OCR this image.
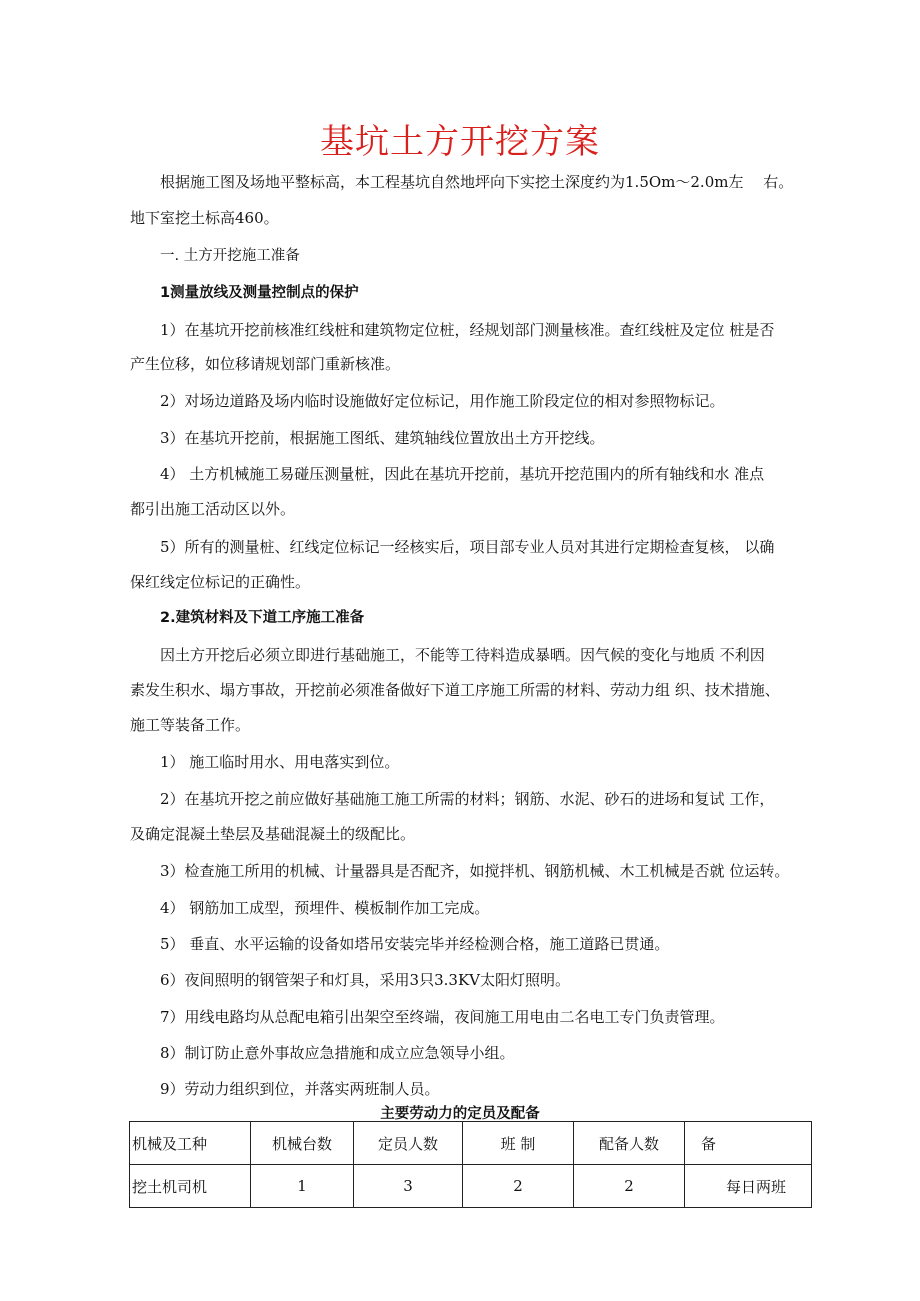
基坑土方开挖方案
根据施工图及场地平整标高，本工程基坑自然地坪向下实挖土深度约为1.5Om～2.0m左　 右。
地下室挖土标高460。
一. 土方开挖施工准备
1测量放线及测量控制点的保护
1）在基坑开挖前核准红线桩和建筑物定位桩，经规划部门测量核准。查红线桩及定位 桩是否
产生位移，如位移请规划部门重新核准。
2）对场边道路及场内临时设施做好定位标记，用作施工阶段定位的相对参照物标记。
3）在基坑开挖前，根据施工图纸、建筑轴线位置放出土方开挖线。
4） 土方机械施工易碰压测量桩，因此在基坑开挖前，基坑开挖范围内的所有轴线和水 准点
都引出施工活动区以外。
5）所有的测量桩、红线定位标记一经核实后，项目部专业人员对其进行定期检查复核， 以确
保红线定位标记的正确性。
2.建筑材料及下道工序施工准备
因土方开挖后必须立即进行基础施工，不能等工待料造成暴晒。因气候的变化与地质 不利因
素发生积水、塌方事故，开挖前必须准备做好下道工序施工所需的材料、劳动力组 织、技术措施、
施工等装备工作。
1） 施工临时用水、用电落实到位。
2）在基坑开挖之前应做好基础施工施工所需的材料；钢筋、水泥、砂石的进场和复试 工作，
及确定混凝土垫层及基础混凝土的级配比。
3）检查施工所用的机械、计量器具是否配齐，如搅拌机、钢筋机械、木工机械是否就 位运转。
4） 钢筋加工成型，预埋件、模板制作加工完成。
5） 垂直、水平运输的设备如塔吊安装完毕并经检测合格，施工道路已贯通。
6）夜间照明的钢管架子和灯具，采用3只3.3KV太阳灯照明。
7）用线电路均从总配电箱引出架空至终端，夜间施工用电由二名电工专门负责管理。
8）制订防止意外事故应急措施和成立应急领导小组。
9）劳动力组织到位，并落实两班制人员。
主要劳动力的定员及配备
机械及工种	机械台数	定员人数	班 制	配备人数	备
挖土机司机	1	3	2	2	每日两班
